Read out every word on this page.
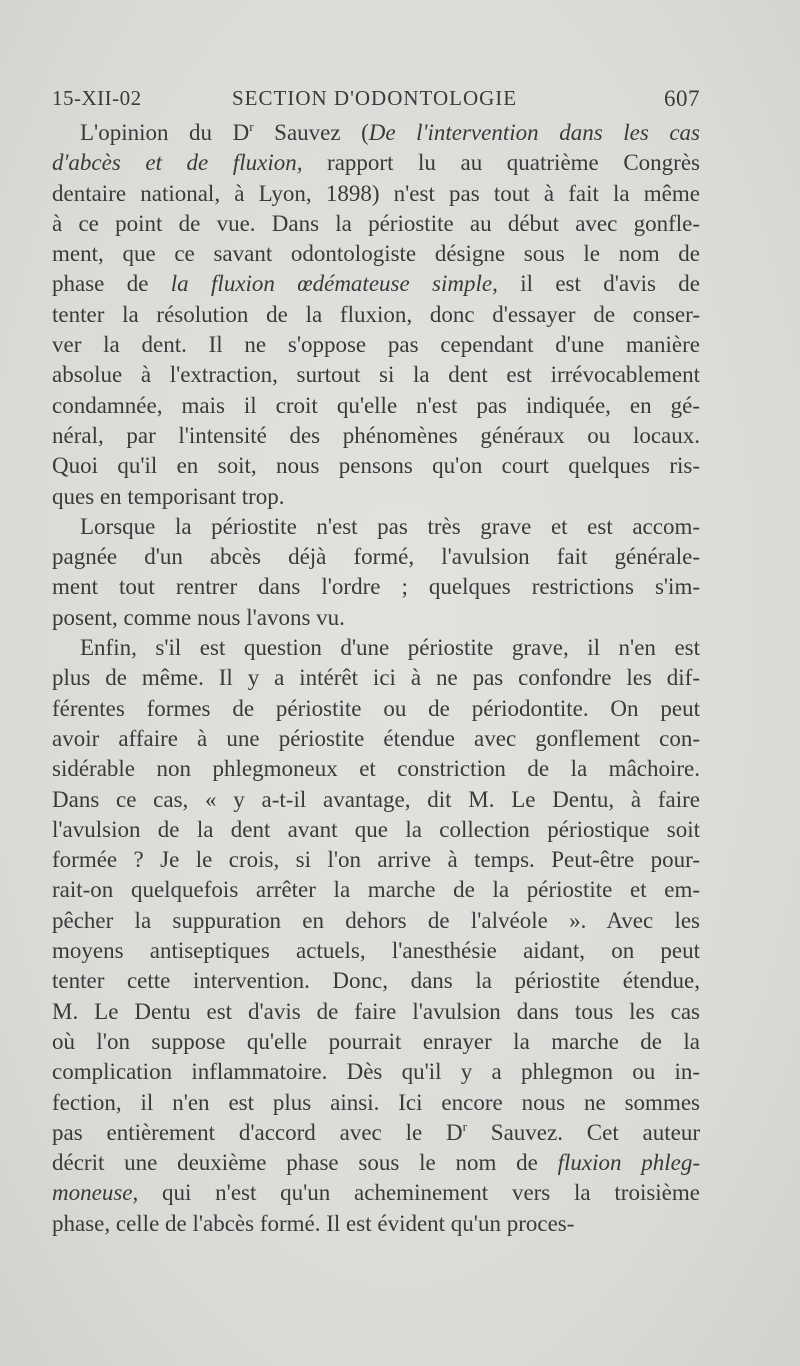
15-XII-02	SECTION D'ODONTOLOGIE	607
L'opinion du $D^r$ Sauvez (De l'intervention dans les cas
d'abcès et de fluxion, rapport lu au quatrième Congrès
dentaire national, à Lyon, 1898) n'est pas tout à fait la même
à ce point de vue. Dans la périostite au début avec gonfle-
ment, que ce savant odontologiste désigne sous le nom de
phase de la fluxion œdémateuse simple, il est d'avis de
tenter la résolution de la fluxion, donc d'essayer de conser-
ver la dent. Il ne s'oppose pas cependant d'une manière
absolue à l'extraction, surtout si la dent est irrévocablement
condamnée, mais il croit qu'elle n'est pas indiquée, en gé-
néral, par l'intensité des phénomènes généraux ou locaux.
Quoi qu'il en soit, nous pensons qu'on court quelques ris-
ques en temporisant trop.
Lorsque la périostite n'est pas très grave et est accom-
pagnée d'un abcès déjà formé, l'avulsion fait générale-
ment tout rentrer dans l'ordre ; quelques restrictions s'im-
posent, comme nous l'avons vu.
Enfin, s'il est question d'une périostite grave, il n'en est
plus de même. Il y a intérêt ici à ne pas confondre les dif-
férentes formes de périostite ou de périodontite. On peut
avoir affaire à une périostite étendue avec gonflement con-
sidérable non phlegmoneux et constriction de la mâchoire.
Dans ce cas, « y a-t-il avantage, dit M. Le Dentu, à faire
l'avulsion de la dent avant que la collection périostique soit
formée ? Je le crois, si l'on arrive à temps. Peut-être pour-
rait-on quelquefois arrêter la marche de la périostite et em-
pêcher la suppuration en dehors de l'alvéole ». Avec les
moyens antiseptiques actuels, l'anesthésie aidant, on peut
tenter cette intervention. Donc, dans la périostite étendue,
M. Le Dentu est d'avis de faire l'avulsion dans tous les cas
où l'on suppose qu'elle pourrait enrayer la marche de la
complication inflammatoire. Dès qu'il y a phlegmon ou in-
fection, il n'en est plus ainsi. Ici encore nous ne sommes
pas entièrement d'accord avec le $D^r$ Sauvez. Cet auteur
décrit une deuxième phase sous le nom de fluxion phleg-
moneuse, qui n'est qu'un acheminement vers la troisième
phase, celle de l'abcès formé. Il est évident qu'un proces-
